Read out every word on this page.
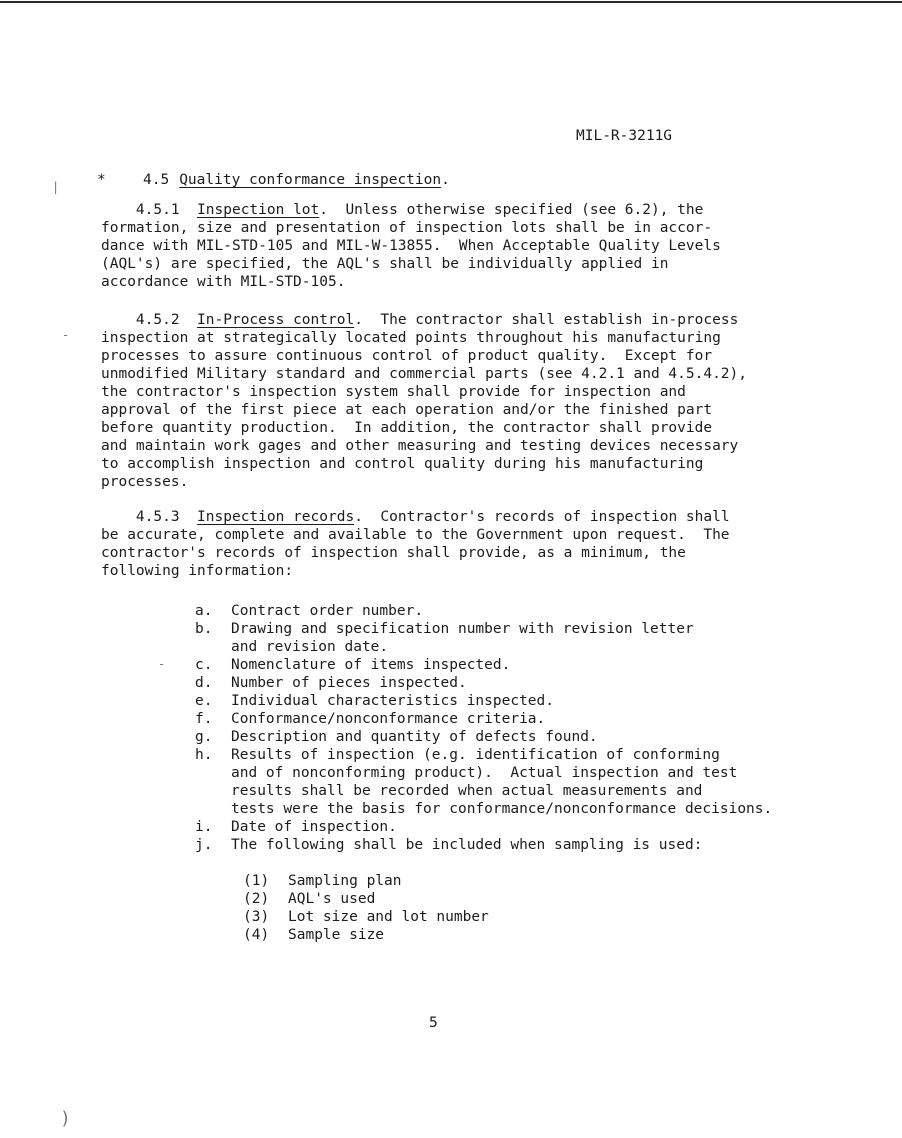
|
-
-
)
MIL-R-3211G
*	4.5 Quality conformance inspection.

4.5.1 Inspection lot.  Unless otherwise specified (see 6.2), the
formation, size and presentation of inspection lots shall be in accor-
dance with MIL-STD-105 and MIL-W-13855.  When Acceptable Quality Levels
(AQL's) are specified, the AQL's shall be individually applied in
accordance with MIL-STD-105.

4.5.2 In-Process control.  The contractor shall establish in-process
inspection at strategically located points throughout his manufacturing
processes to assure continuous control of product quality.  Except for
unmodified Military standard and commercial parts (see 4.2.1 and 4.5.4.2),
the contractor's inspection system shall provide for inspection and
approval of the first piece at each operation and/or the finished part
before quantity production.  In addition, the contractor shall provide
and maintain work gages and other measuring and testing devices necessary
to accomplish inspection and control quality during his manufacturing
processes.

4.5.3 Inspection records.  Contractor's records of inspection shall
be accurate, complete and available to the Government upon request.  The
contractor's records of inspection shall provide, as a minimum, the
following information:

a.	Contract order number.
b.	Drawing and specification number with revision letter
and revision date.
c.	Nomenclature of items inspected.
d.	Number of pieces inspected.
e.	Individual characteristics inspected.
f.	Conformance/nonconformance criteria.
g.	Description and quantity of defects found.
h.	Results of inspection (e.g. identification of conforming
and of nonconforming product).  Actual inspection and test
results shall be recorded when actual measurements and
tests were the basis for conformance/nonconformance decisions.
i.	Date of inspection.
j.	The following shall be included when sampling is used:
(1)	Sampling plan
(2)	AQL's used
(3)	Lot size and lot number
(4)	Sample size
5
